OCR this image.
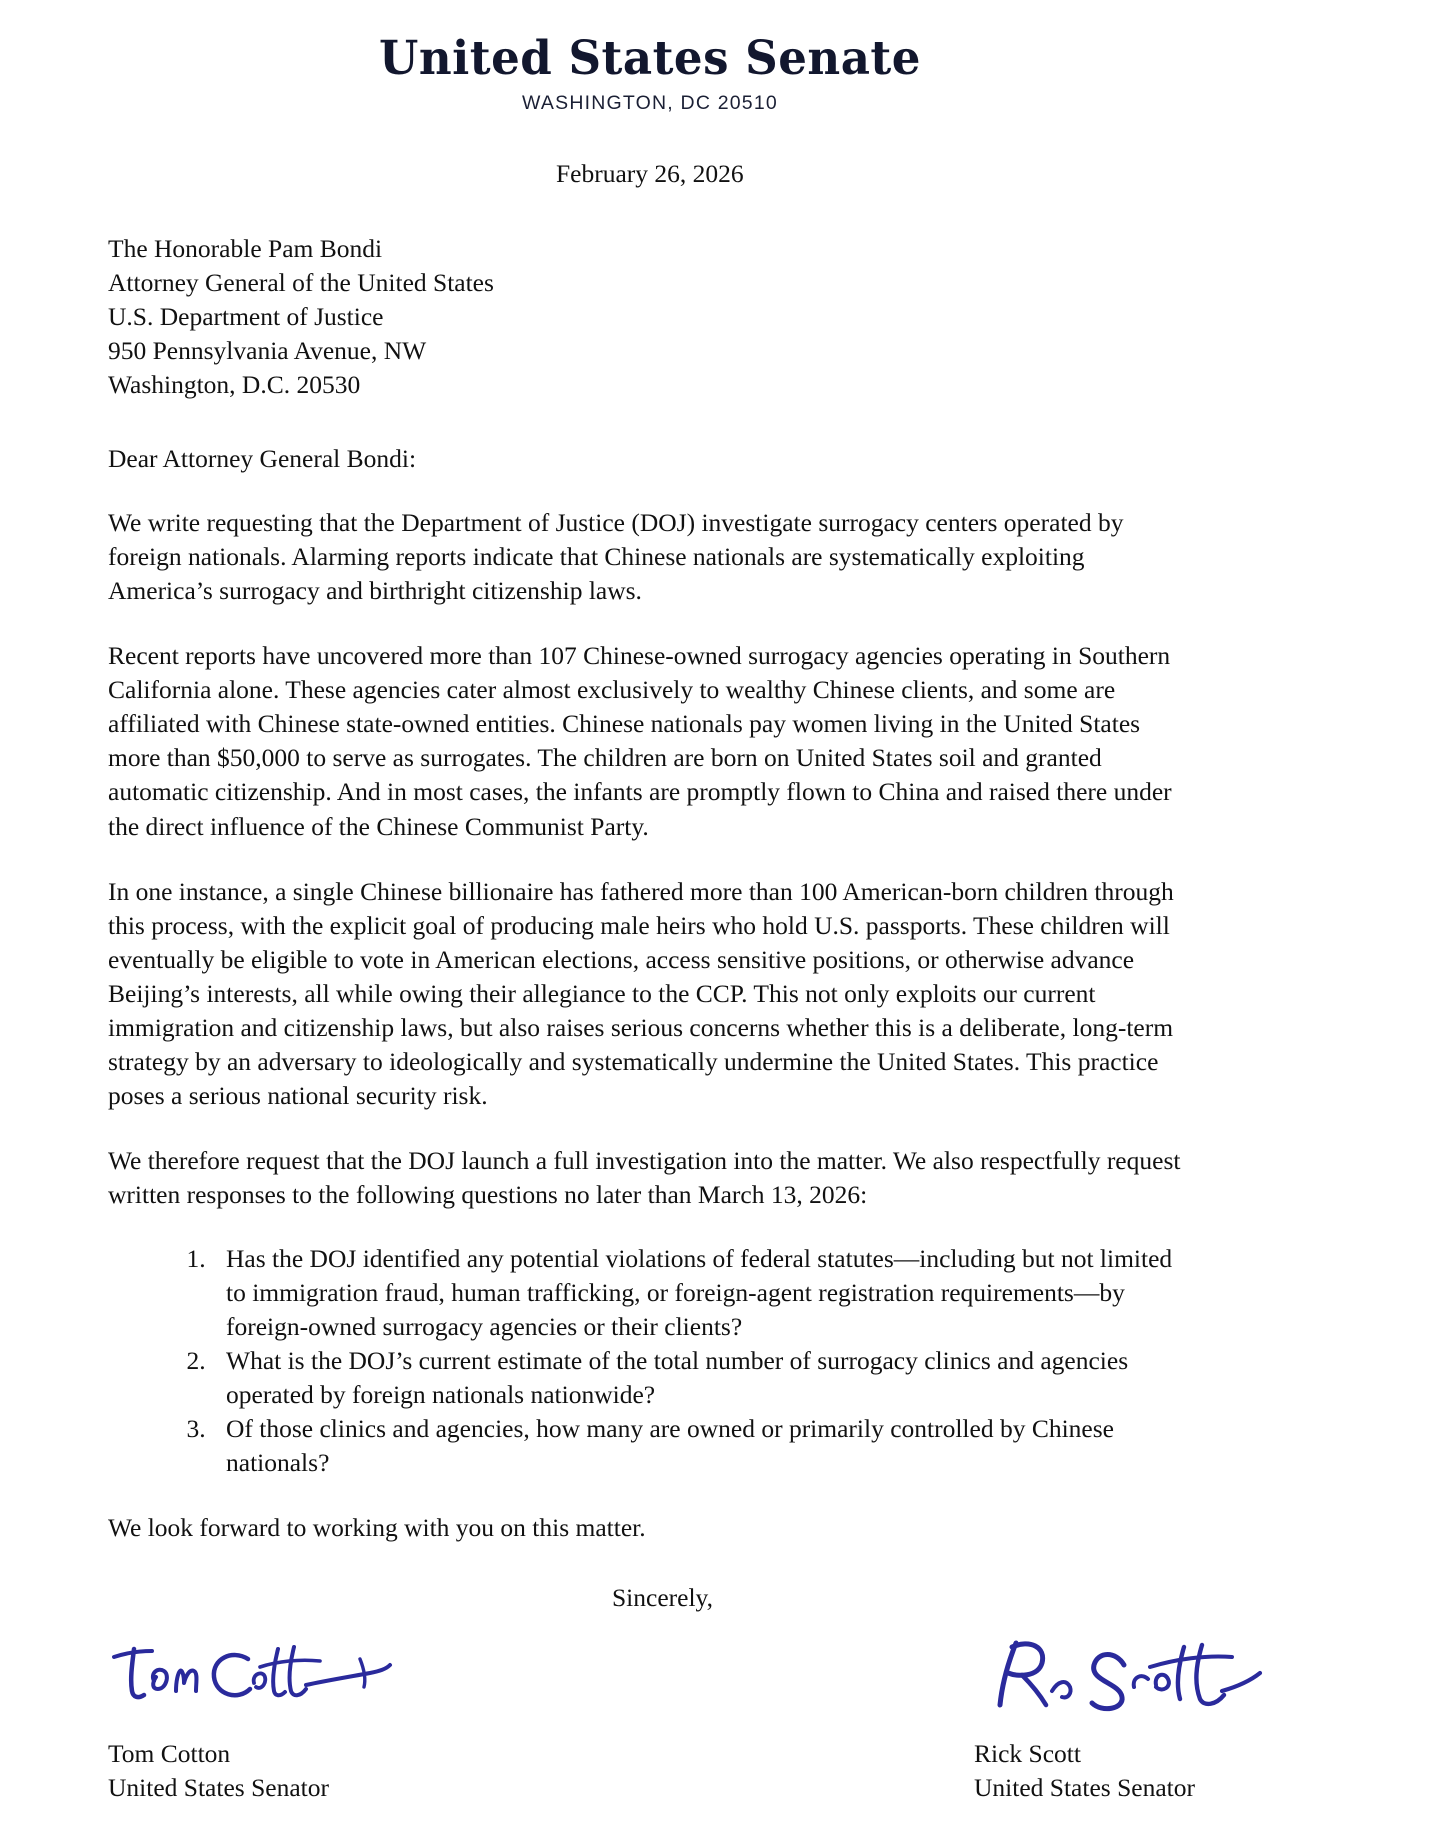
United States Senate
WASHINGTON, DC 20510
February 26, 2026
The Honorable Pam Bondi
Attorney General of the United States
U.S. Department of Justice
950 Pennsylvania Avenue, NW
Washington, D.C. 20530
Dear Attorney General Bondi:

We write requesting that the Department of Justice (DOJ) investigate surrogacy centers operated by foreign nationals. Alarming reports indicate that Chinese nationals are systematically exploiting America’s surrogacy and birthright citizenship laws.

Recent reports have uncovered more than 107 Chinese-owned surrogacy agencies operating in Southern California alone. These agencies cater almost exclusively to wealthy Chinese clients, and some are affiliated with Chinese state-owned entities. Chinese nationals pay women living in the United States more than $50,000 to serve as surrogates. The children are born on United States soil and granted automatic citizenship. And in most cases, the infants are promptly flown to China and raised there under the direct influence of the Chinese Communist Party.

In one instance, a single Chinese billionaire has fathered more than 100 American-born children through this process, with the explicit goal of producing male heirs who hold U.S. passports. These children will eventually be eligible to vote in American elections, access sensitive positions, or otherwise advance Beijing’s interests, all while owing their allegiance to the CCP. This not only exploits our current immigration and citizenship laws, but also raises serious concerns whether this is a deliberate, long-term strategy by an adversary to ideologically and systematically undermine the United States. This practice poses a serious national security risk.

We therefore request that the DOJ launch a full investigation into the matter. We also respectfully request written responses to the following questions no later than March 13, 2026:

1. Has the DOJ identified any potential violations of federal statutes—including but not limited to immigration fraud, human trafficking, or foreign-agent registration requirements—by foreign-owned surrogacy agencies or their clients?
2. What is the DOJ’s current estimate of the total number of surrogacy clinics and agencies operated by foreign nationals nationwide?
3. Of those clinics and agencies, how many are owned or primarily controlled by Chinese nationals?

We look forward to working with you on this matter.

Sincerely,
Tom Cotton
United States Senator
Rick Scott
United States Senator
